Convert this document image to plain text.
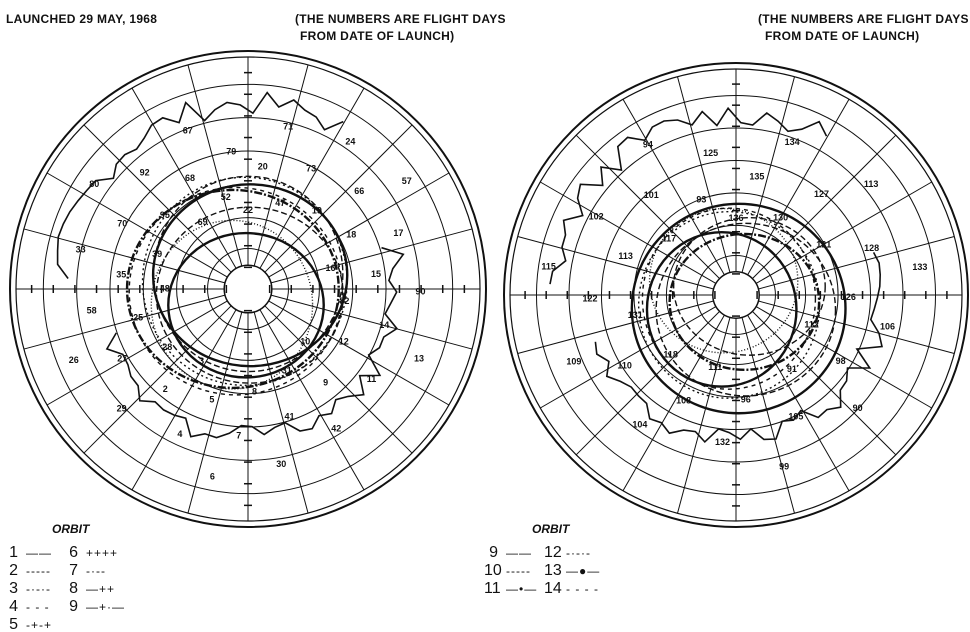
LAUNCHED 29 MAY, 1968	(THE NUMBERS ARE FLIGHT DAYS
FROM DATE OF LAUNCH)
(THE NUMBERS ARE FLIGHT DAYS
FROM DATE OF LAUNCH)
22
20
71
47
73
24
19
66
57
18	17
16
15
90
82
14
13
12
11
10
9
42
31
41
30
8
7
6
5
4
3
2
29
28
27
26
25
58
48
35
33	39
70
80
95
92
69
68
67
52
79
136
135
134
130
127
113
121	128
133
126
106
112
98
90
91
105
99
96
132
111
108
104
118
110
109
131
122
115
113
102
117
101
94
93
125
ORBIT	ORBIT
1 ——
2 -----
3 -·-·-
4 - - -
5 -+-+
6 ++++
7 -·--
8 —++
9 —+·—
9 ——
10 -----
11 —•—
12 -·-·-
13 —●—
14 - - - -
